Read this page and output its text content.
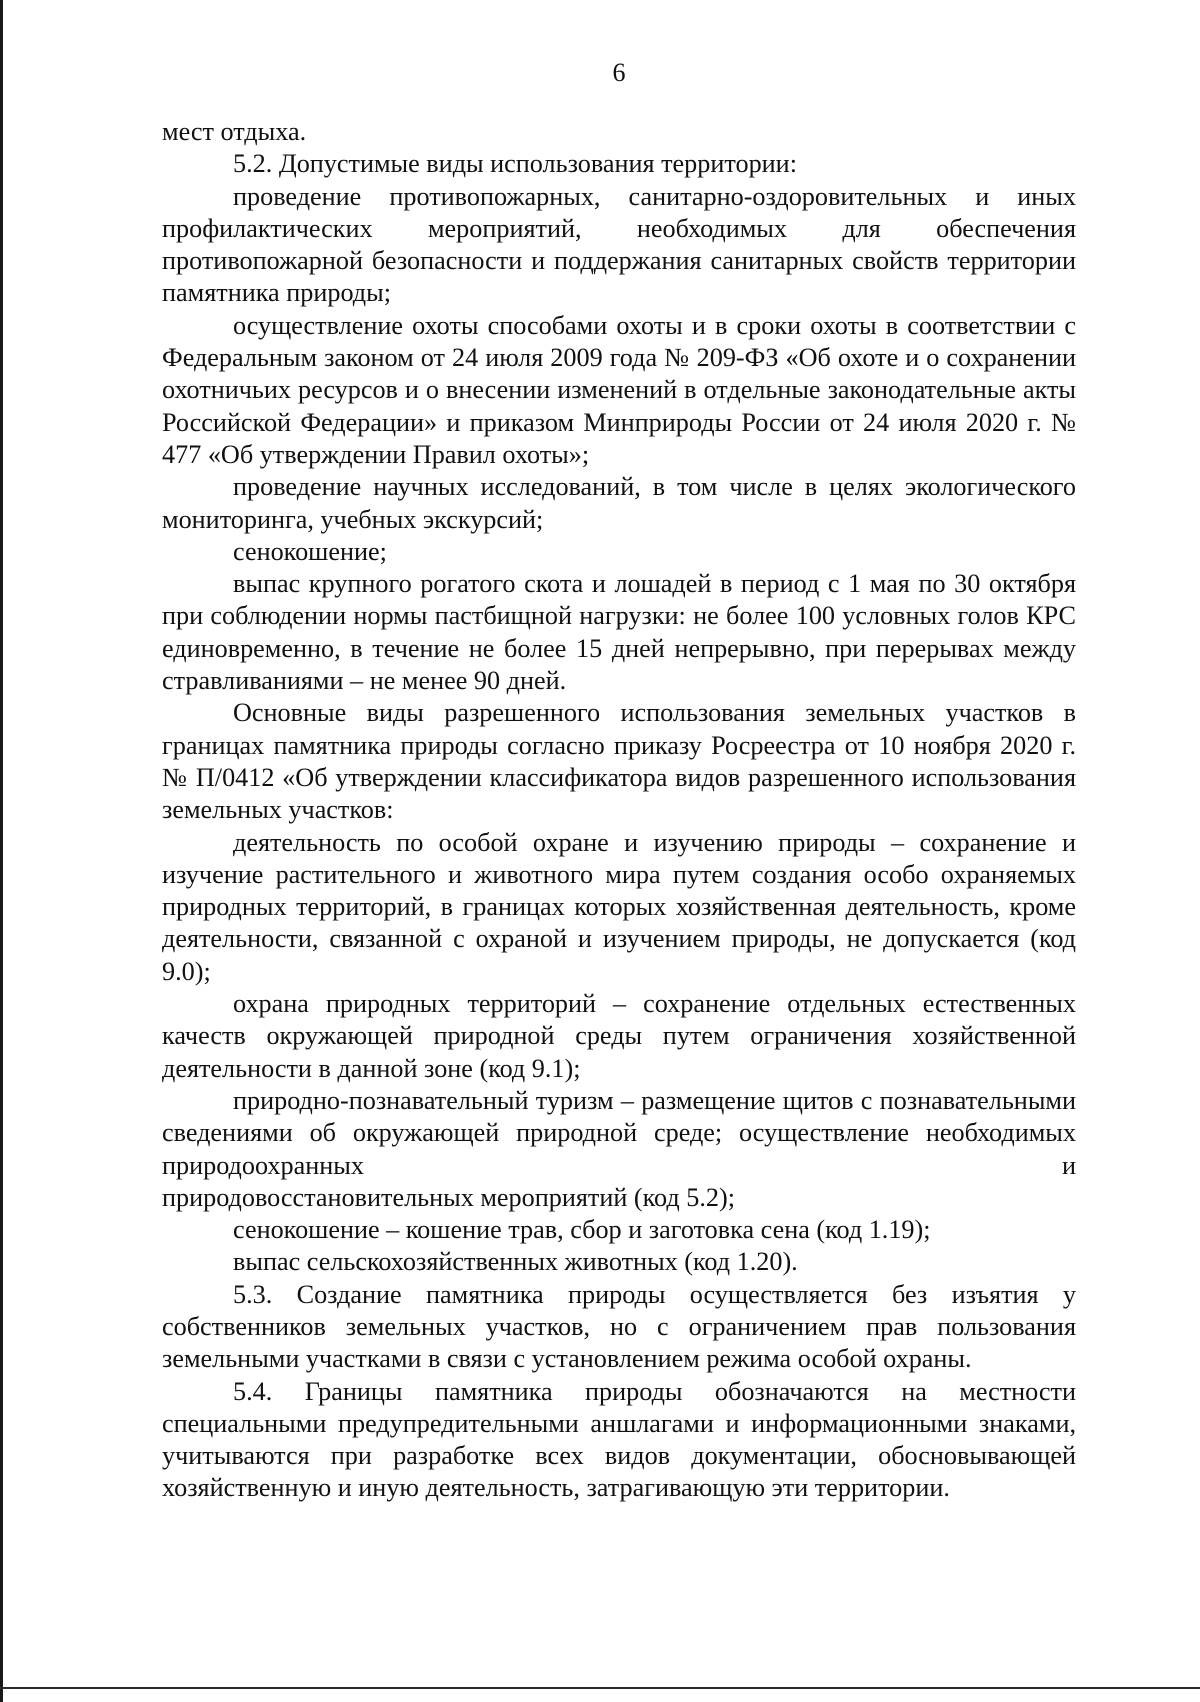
6

мест отдыха.

5.2. Допустимые виды использования территории:

проведение противопожарных, санитарно-оздоровительных и иных профилактических мероприятий, необходимых для обеспечения противопожарной безопасности и поддержания санитарных свойств территории памятника природы;

осуществление охоты способами охоты и в сроки охоты в соответствии с Федеральным законом от 24 июля 2009 года № 209-ФЗ «Об охоте и о сохранении охотничьих ресурсов и о внесении изменений в отдельные законодательные акты Российской Федерации» и приказом Минприроды России от 24 июля 2020 г. № 477 «Об утверждении Правил охоты»;

проведение научных исследований, в том числе в целях экологического мониторинга, учебных экскурсий;

сенокошение;

выпас крупного рогатого скота и лошадей в период с 1 мая по 30 октября при соблюдении нормы пастбищной нагрузки: не более 100 условных голов КРС единовременно, в течение не более 15 дней непрерывно, при перерывах между стравливаниями – не менее 90 дней.

Основные виды разрешенного использования земельных участков в границах памятника природы согласно приказу Росреестра от 10 ноября 2020 г. № П/0412 «Об утверждении классификатора видов разрешенного использования земельных участков:

деятельность по особой охране и изучению природы – сохранение и изучение растительного и животного мира путем создания особо охраняемых природных территорий, в границах которых хозяйственная деятельность, кроме деятельности, связанной с охраной и изучением природы, не допускается (код 9.0);

охрана природных территорий – сохранение отдельных естественных качеств окружающей природной среды путем ограничения хозяйственной деятельности в данной зоне (код 9.1);

природно-познавательный туризм – размещение щитов с познавательными сведениями об окружающей природной среде; осуществление необходимых природоохранных и

природовосстановительных мероприятий (код 5.2);

сенокошение – кошение трав, сбор и заготовка сена (код 1.19);

выпас сельскохозяйственных животных (код 1.20).

5.3. Создание памятника природы осуществляется без изъятия у собственников земельных участков, но с ограничением прав пользования земельными участками в связи с установлением режима особой охраны.

5.4. Границы памятника природы обозначаются на местности специальными предупредительными аншлагами и информационными знаками, учитываются при разработке всех видов документации, обосновывающей хозяйственную и иную деятельность, затрагивающую эти территории.
